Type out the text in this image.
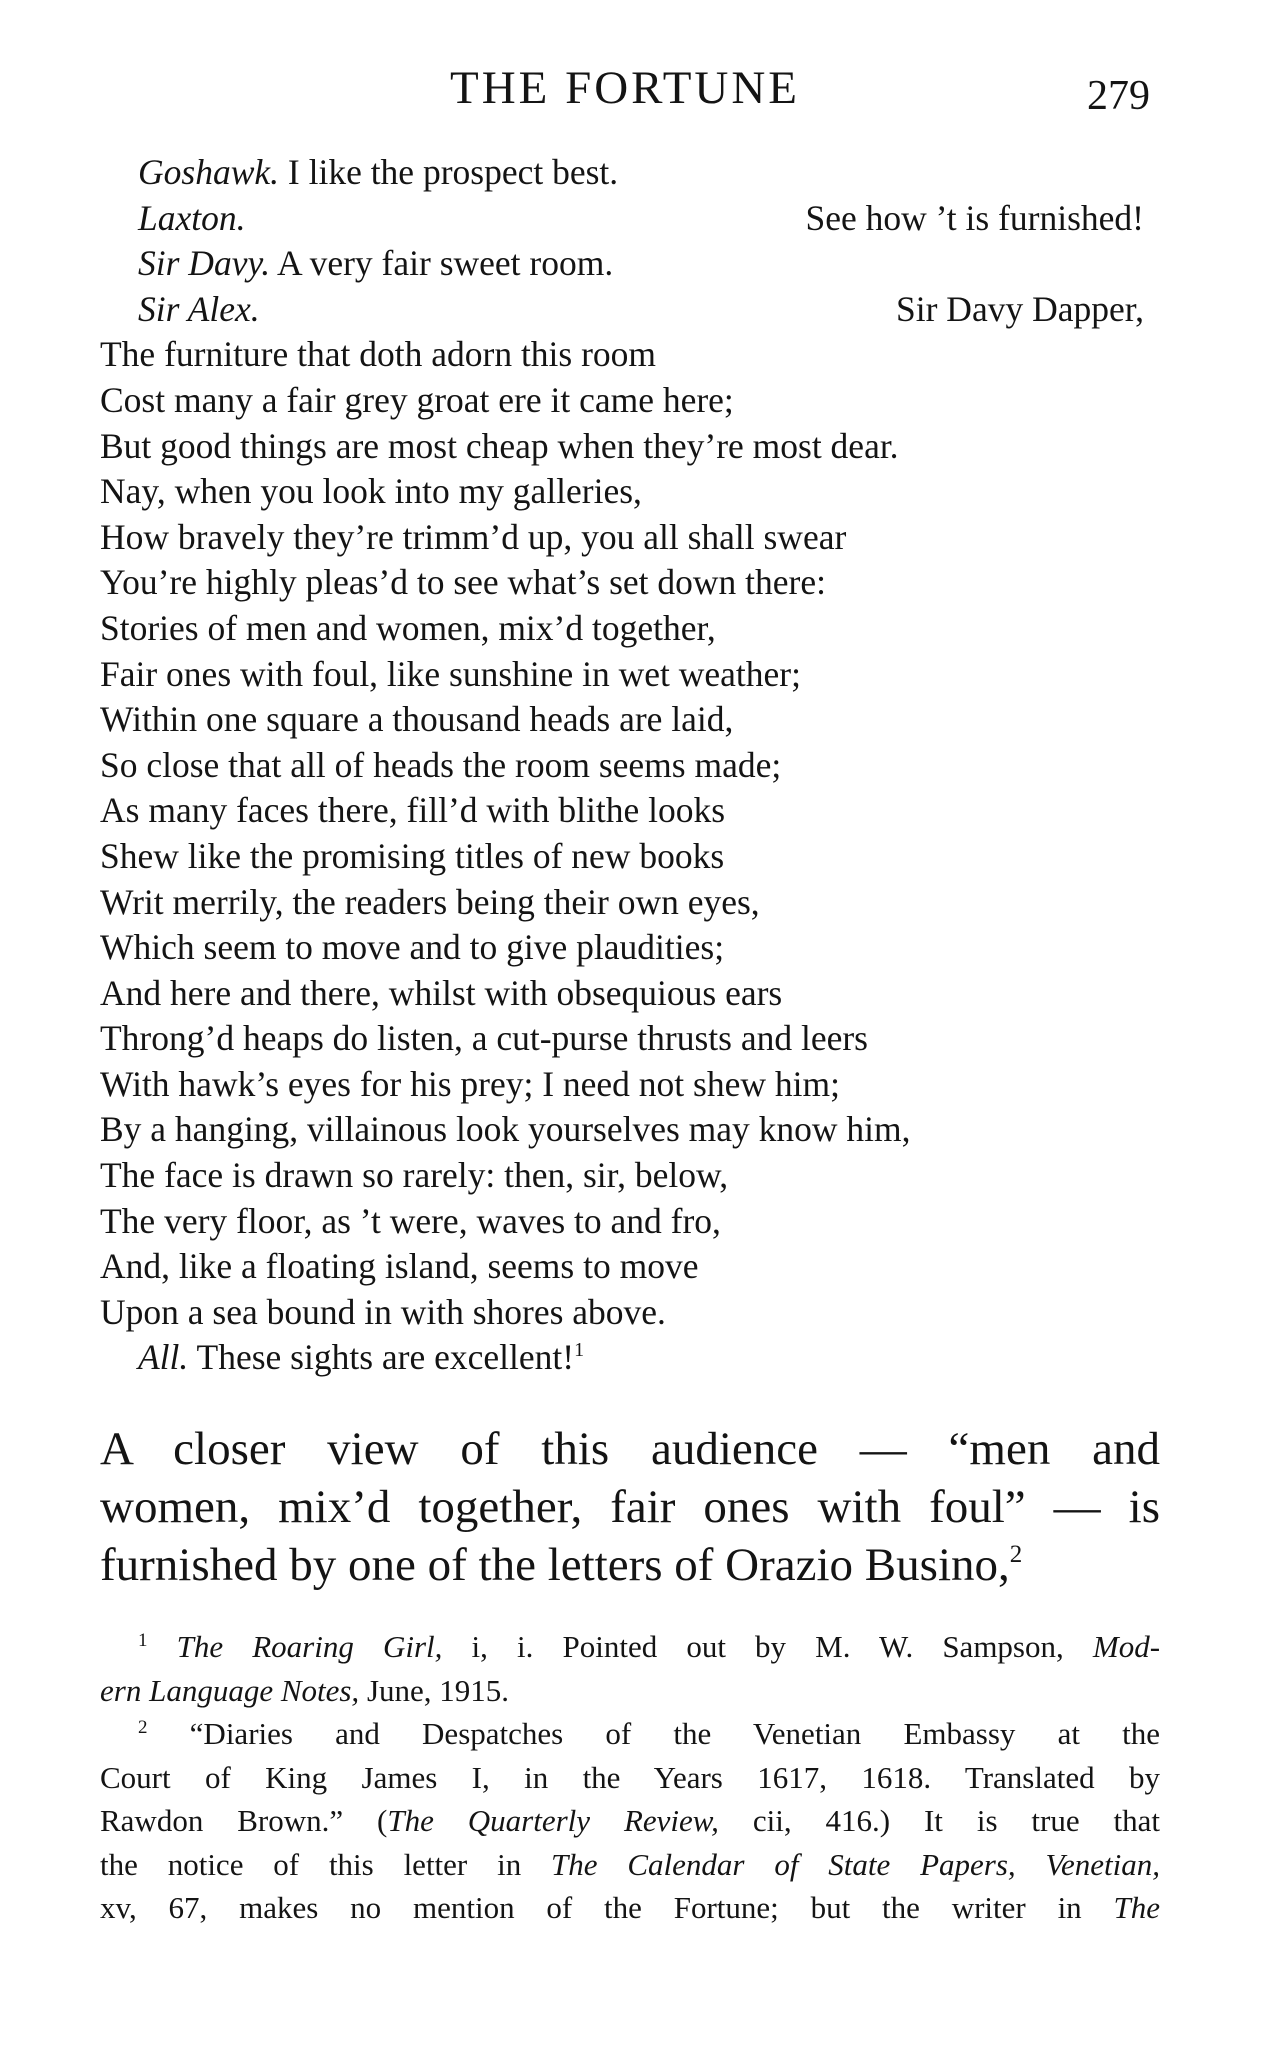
THE FORTUNE	279
Goshawk. I like the prospect best.
Laxton.	See how ’t is furnished!
Sir Davy. A very fair sweet room.
Sir Alex.	Sir Davy Dapper,
The furniture that doth adorn this room
Cost many a fair grey groat ere it came here;
But good things are most cheap when they’re most dear.
Nay, when you look into my galleries,
How bravely they’re trimm’d up, you all shall swear
You’re highly pleas’d to see what’s set down there:
Stories of men and women, mix’d together,
Fair ones with foul, like sunshine in wet weather;
Within one square a thousand heads are laid,
So close that all of heads the room seems made;
As many faces there, fill’d with blithe looks
Shew like the promising titles of new books
Writ merrily, the readers being their own eyes,
Which seem to move and to give plaudities;
And here and there, whilst with obsequious ears
Throng’d heaps do listen, a cut-purse thrusts and leers
With hawk’s eyes for his prey; I need not shew him;
By a hanging, villainous look yourselves may know him,
The face is drawn so rarely: then, sir, below,
The very floor, as ’t were, waves to and fro,
And, like a floating island, seems to move
Upon a sea bound in with shores above.
All. These sights are excellent!$^1$
A closer view of this audience — “men and
women, mix’d together, fair ones with foul” — is
furnished by one of the letters of Orazio Busino,$^2$
$^1$ The Roaring Girl, i, i. Pointed out by M. W. Sampson, Mod-
ern Language Notes, June, 1915.
$^2$ “Diaries and Despatches of the Venetian Embassy at the
Court of King James I, in the Years 1617, 1618. Translated by
Rawdon Brown.” (The Quarterly Review, cii, 416.) It is true that
the notice of this letter in The Calendar of State Papers, Venetian,
xv, 67, makes no mention of the Fortune; but the writer in The
